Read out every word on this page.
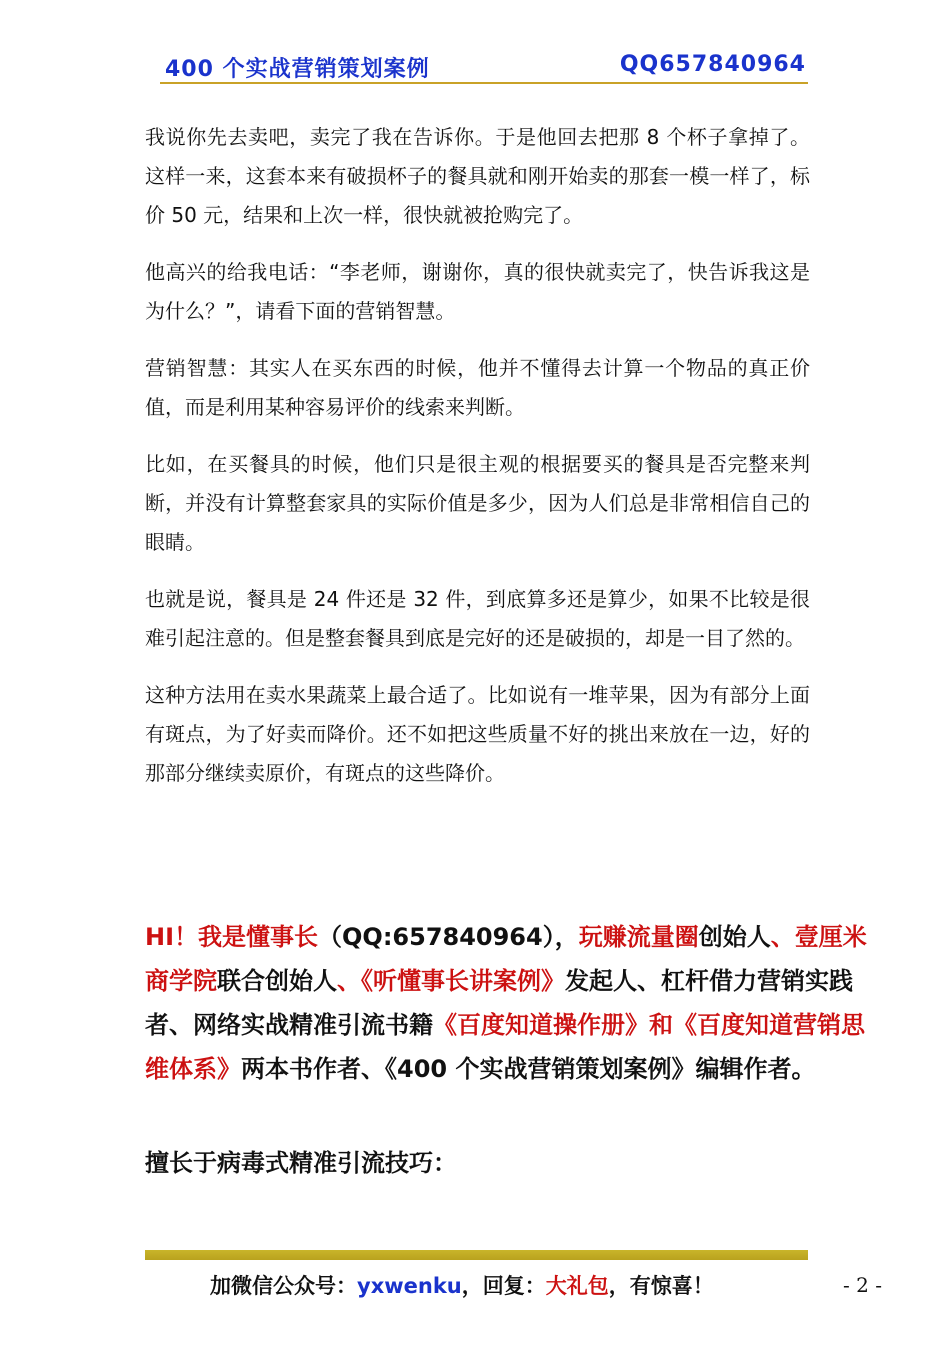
400 个实战营销策划案例	QQ657840964

我说你先去卖吧，卖完了我在告诉你。于是他回去把那 8 个杯子拿掉了。这样一来，这套本来有破损杯子的餐具就和刚开始卖的那套一模一样了，标价 50 元，结果和上次一样，很快就被抢购完了。

他高兴的给我电话：“李老师，谢谢你，真的很快就卖完了，快告诉我这是为什么？”，请看下面的营销智慧。

营销智慧：其实人在买东西的时候，他并不懂得去计算一个物品的真正价值，而是利用某种容易评价的线索来判断。

比如，在买餐具的时候，他们只是很主观的根据要买的餐具是否完整来判断，并没有计算整套家具的实际价值是多少，因为人们总是非常相信自己的眼睛。

也就是说，餐具是 24 件还是 32 件，到底算多还是算少，如果不比较是很难引起注意的。但是整套餐具到底是完好的还是破损的，却是一目了然的。

这种方法用在卖水果蔬菜上最合适了。比如说有一堆苹果，因为有部分上面有斑点，为了好卖而降价。还不如把这些质量不好的挑出来放在一边，好的那部分继续卖原价，有斑点的这些降价。

HI！我是懂事长（QQ:657840964），玩赚流量圈创始人、壹厘米商学院联合创始人、《听懂事长讲案例》发起人、杠杆借力营销实践者、网络实战精准引流书籍《百度知道操作册》和《百度知道营销思维体系》两本书作者、《400 个实战营销策划案例》编辑作者。
擅长于病毒式精准引流技巧：
加微信公众号：yxwenku，回复：大礼包，有惊喜！	- 2 -
